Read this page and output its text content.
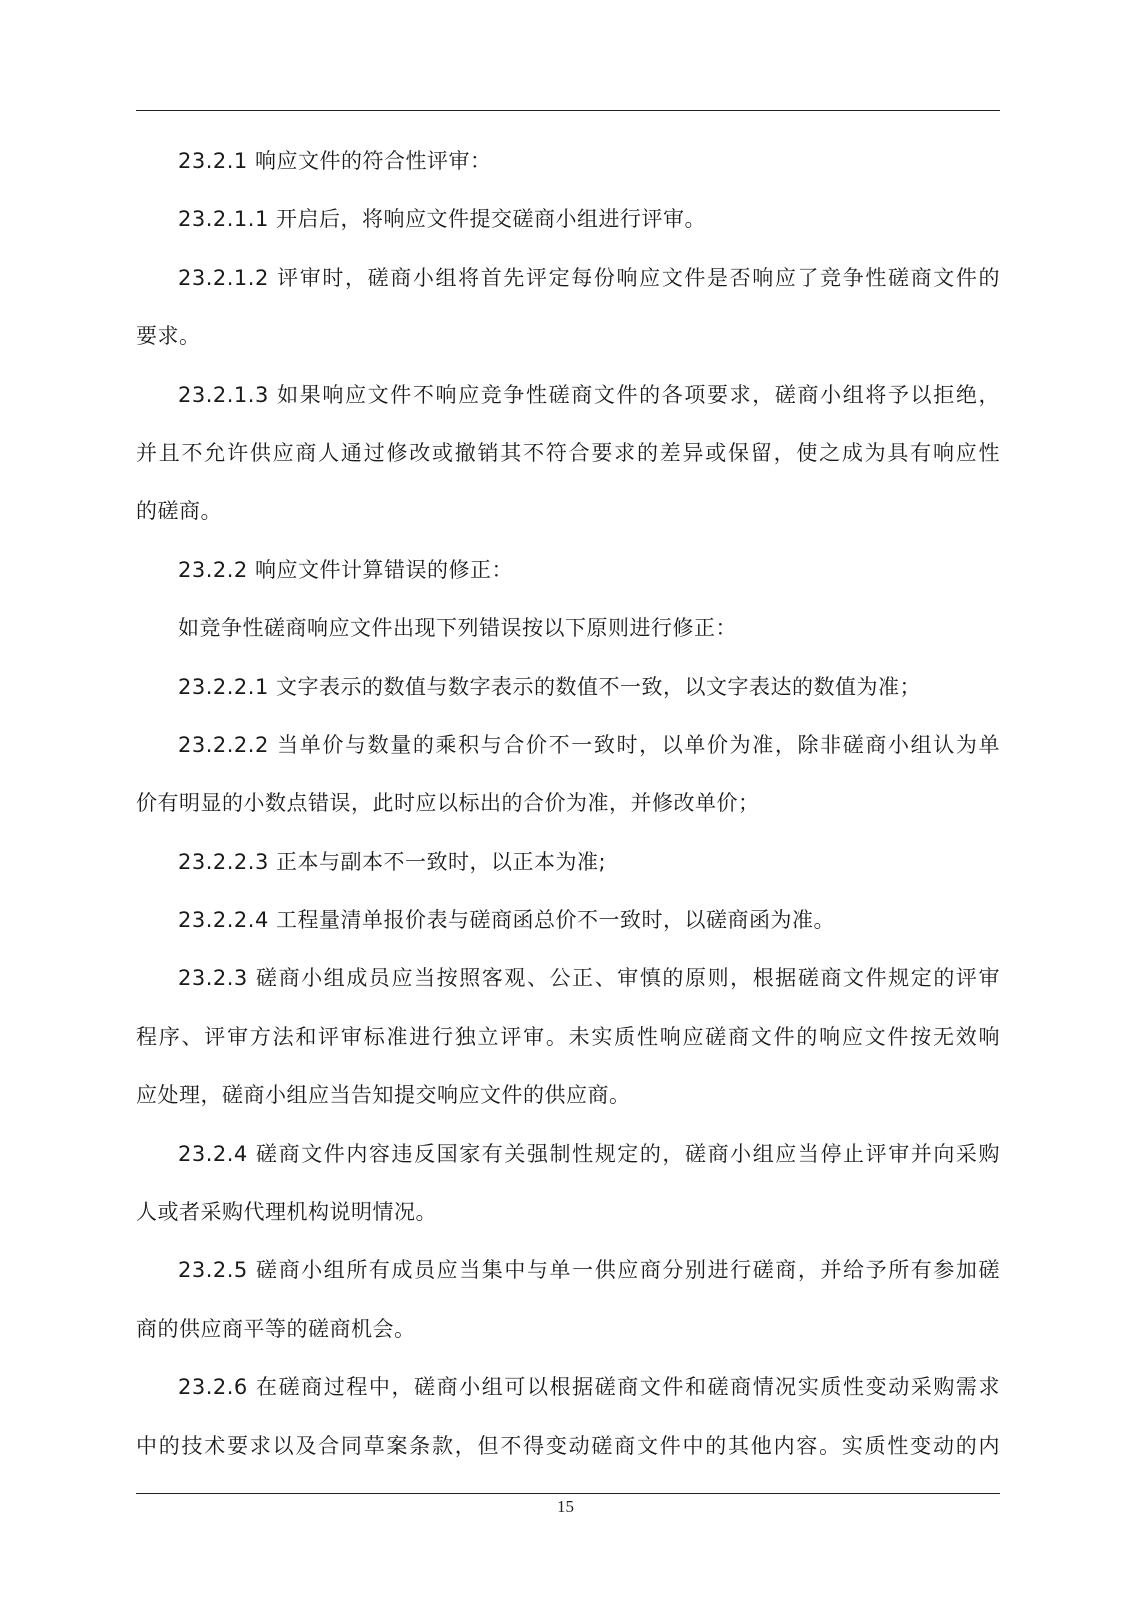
23.2.1 响应文件的符合性评审：
23.2.1.1 开启后，将响应文件提交磋商小组进行评审。
23.2.1.2 评审时，磋商小组将首先评定每份响应文件是否响应了竞争性磋商文件的
要求。
23.2.1.3 如果响应文件不响应竞争性磋商文件的各项要求，磋商小组将予以拒绝，
并且不允许供应商人通过修改或撤销其不符合要求的差异或保留，使之成为具有响应性
的磋商。
23.2.2 响应文件计算错误的修正：
如竞争性磋商响应文件出现下列错误按以下原则进行修正：
23.2.2.1 文字表示的数值与数字表示的数值不一致，以文字表达的数值为准；
23.2.2.2 当单价与数量的乘积与合价不一致时，以单价为准，除非磋商小组认为单
价有明显的小数点错误，此时应以标出的合价为准，并修改单价；
23.2.2.3 正本与副本不一致时，以正本为准;
23.2.2.4 工程量清单报价表与磋商函总价不一致时，以磋商函为准。
23.2.3 磋商小组成员应当按照客观、公正、审慎的原则，根据磋商文件规定的评审
程序、评审方法和评审标准进行独立评审。未实质性响应磋商文件的响应文件按无效响
应处理，磋商小组应当告知提交响应文件的供应商。
23.2.4 磋商文件内容违反国家有关强制性规定的，磋商小组应当停止评审并向采购
人或者采购代理机构说明情况。
23.2.5 磋商小组所有成员应当集中与单一供应商分别进行磋商，并给予所有参加磋
商的供应商平等的磋商机会。
23.2.6 在磋商过程中，磋商小组可以根据磋商文件和磋商情况实质性变动采购需求
中的技术要求以及合同草案条款，但不得变动磋商文件中的其他内容。实质性变动的内
15
